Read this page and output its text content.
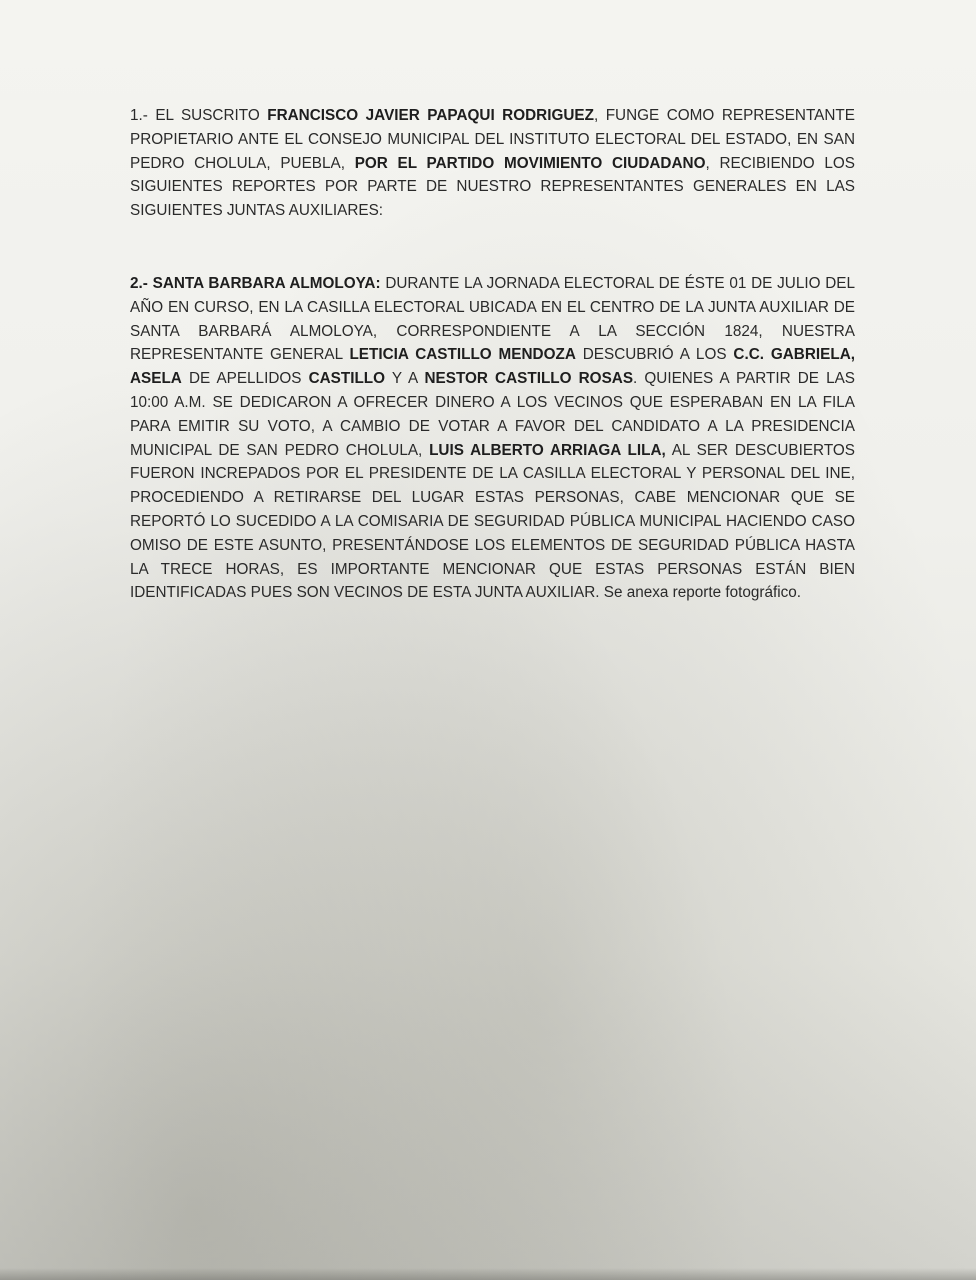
1.- EL SUSCRITO FRANCISCO JAVIER PAPAQUI RODRIGUEZ, FUNGE COMO REPRESENTANTE PROPIETARIO ANTE EL CONSEJO MUNICIPAL DEL INSTITUTO ELECTORAL DEL ESTADO, EN SAN PEDRO CHOLULA, PUEBLA, POR EL PARTIDO MOVIMIENTO CIUDADANO, RECIBIENDO LOS SIGUIENTES REPORTES POR PARTE DE NUESTRO REPRESENTANTES GENERALES EN LAS SIGUIENTES JUNTAS AUXILIARES:

2.- SANTA BARBARA ALMOLOYA: DURANTE LA JORNADA ELECTORAL DE ÉSTE 01 DE JULIO DEL AÑO EN CURSO, EN LA CASILLA ELECTORAL UBICADA EN EL CENTRO DE LA JUNTA AUXILIAR DE SANTA BARBARÁ ALMOLOYA, CORRESPONDIENTE A LA SECCIÓN 1824, NUESTRA REPRESENTANTE GENERAL LETICIA CASTILLO MENDOZA DESCUBRIÓ A LOS C.C. GABRIELA, ASELA DE APELLIDOS CASTILLO Y A NESTOR CASTILLO ROSAS. QUIENES A PARTIR DE LAS 10:00 A.M. SE DEDICARON A OFRECER DINERO A LOS VECINOS QUE ESPERABAN EN LA FILA PARA EMITIR SU VOTO, A CAMBIO DE VOTAR A FAVOR DEL CANDIDATO A LA PRESIDENCIA MUNICIPAL DE SAN PEDRO CHOLULA, LUIS ALBERTO ARRIAGA LILA, AL SER DESCUBIERTOS FUERON INCREPADOS POR EL PRESIDENTE DE LA CASILLA ELECTORAL Y PERSONAL DEL INE, PROCEDIENDO A RETIRARSE DEL LUGAR ESTAS PERSONAS, CABE MENCIONAR QUE SE REPORTÓ LO SUCEDIDO A LA COMISARIA DE SEGURIDAD PÚBLICA MUNICIPAL HACIENDO CASO OMISO DE ESTE ASUNTO, PRESENTÁNDOSE LOS ELEMENTOS DE SEGURIDAD PÚBLICA HASTA LA TRECE HORAS, ES IMPORTANTE MENCIONAR QUE ESTAS PERSONAS ESTÁN BIEN IDENTIFICADAS PUES SON VECINOS DE ESTA JUNTA AUXILIAR. Se anexa reporte fotográfico.
